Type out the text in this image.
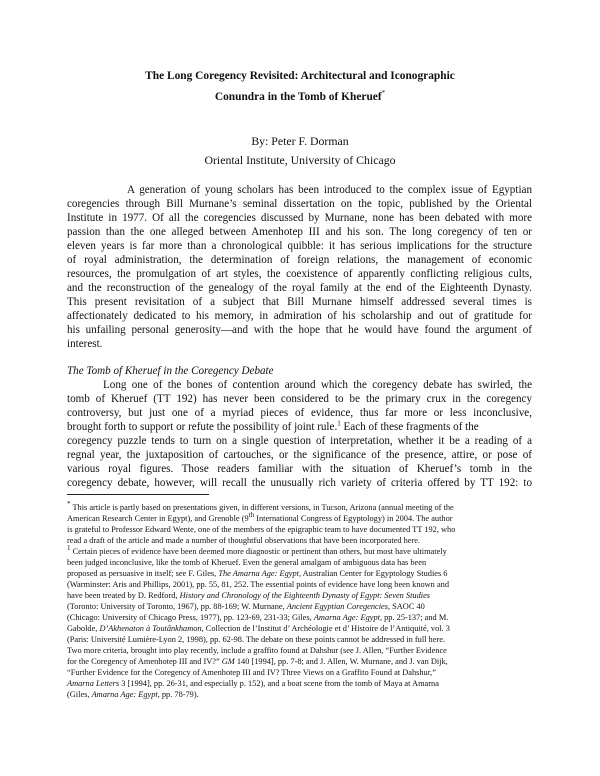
The Long Coregency Revisited: Architectural and Iconographic
Conundra in the Tomb of Kheruef*
By: Peter F. Dorman
Oriental Institute, University of Chicago
A generation of young scholars has been introduced to the complex issue of Egyptian
coregencies through Bill Murnane’s seminal dissertation on the topic, published by the Oriental
Institute in 1977. Of all the coregencies discussed by Murnane, none has been debated with more
passion than the one alleged between Amenhotep III and his son. The long coregency of ten or
eleven years is far more than a chronological quibble: it has serious implications for the structure
of royal administration, the determination of foreign relations, the management of economic
resources, the promulgation of art styles, the coexistence of apparently conflicting religious cults,
and the reconstruction of the genealogy of the royal family at the end of the Eighteenth Dynasty.
This present revisitation of a subject that Bill Murnane himself addressed several times is
affectionately dedicated to his memory, in admiration of his scholarship and out of gratitude for
his unfailing personal generosity—and with the hope that he would have found the argument of
interest.
The Tomb of Kheruef in the Coregency Debate
Long one of the bones of contention around which the coregency debate has swirled, the
tomb of Kheruef (TT 192) has never been considered to be the primary crux in the coregency
controversy, but just one of a myriad pieces of evidence, thus far more or less inconclusive,
brought forth to support or refute the possibility of joint rule.$^1$ Each of these fragments of the
coregency puzzle tends to turn on a single question of interpretation, whether it be a reading of a
regnal year, the juxtaposition of cartouches, or the significance of the presence, attire, or pose of
various royal figures. Those readers familiar with the situation of Kheruef’s tomb in the
coregency debate, however, will recall the unusually rich variety of criteria offered by TT 192: to
* This article is partly based on presentations given, in different versions, in Tucson, Arizona (annual meeting of the
American Research Center in Egypt), and Grenoble (9th International Congress of Egyptology) in 2004. The author
is grateful to Professor Edward Wente, one of the members of the epigraphic team to have documented TT 192, who
read a draft of the article and made a number of thoughtful observations that have been incorporated here.
$^1$ Certain pieces of evidence have been deemed more diagnostic or pertinent than others, but most have ultimately
been judged inconclusive, like the tomb of Kheruef. Even the general amalgam of ambiguous data has been
proposed as persuasive in itself; see F. Giles, The Amarna Age: Egypt, Australian Center for Egyptology Studies 6
(Warminster: Aris and Phillips, 2001), pp. 55, 81, 252. The essential points of evidence have long been known and
have been treated by D. Redford, History and Chronology of the Eighteenth Dynasty of Egypt: Seven Studies
(Toronto: University of Toronto, 1967), pp. 88-169; W. Murnane, Ancient Egyptian Coregencies, SAOC 40
(Chicago: University of Chicago Press, 1977), pp. 123-69, 231-33; Giles, Amarna Age: Egypt, pp. 25-137; and M.
Gabolde, D’Akhenaton à Toutânkhamon, Collection de l’Institut d’ Archéologie et d’ Histoire de l’Antiquité, vol. 3
(Paris: Université Lumière-Lyon 2, 1998), pp. 62-98. The debate on these points cannot be addressed in full here.
Two more criteria, brought into play recently, include a graffito found at Dahshur (see J. Allen, “Further Evidence
for the Coregency of Amenhotep III and IV?” GM 140 [1994], pp. 7-8; and J. Allen, W. Murnane, and J. van Dijk,
“Further Evidence for the Coregency of Amenhotep III and IV? Three Views on a Graffito Found at Dahshur,”
Amarna Letters 3 [1994], pp. 26-31, and especially p. 152), and a boat scene from the tomb of Maya at Amarna
(Giles, Amarna Age: Egypt, pp. 78-79).
